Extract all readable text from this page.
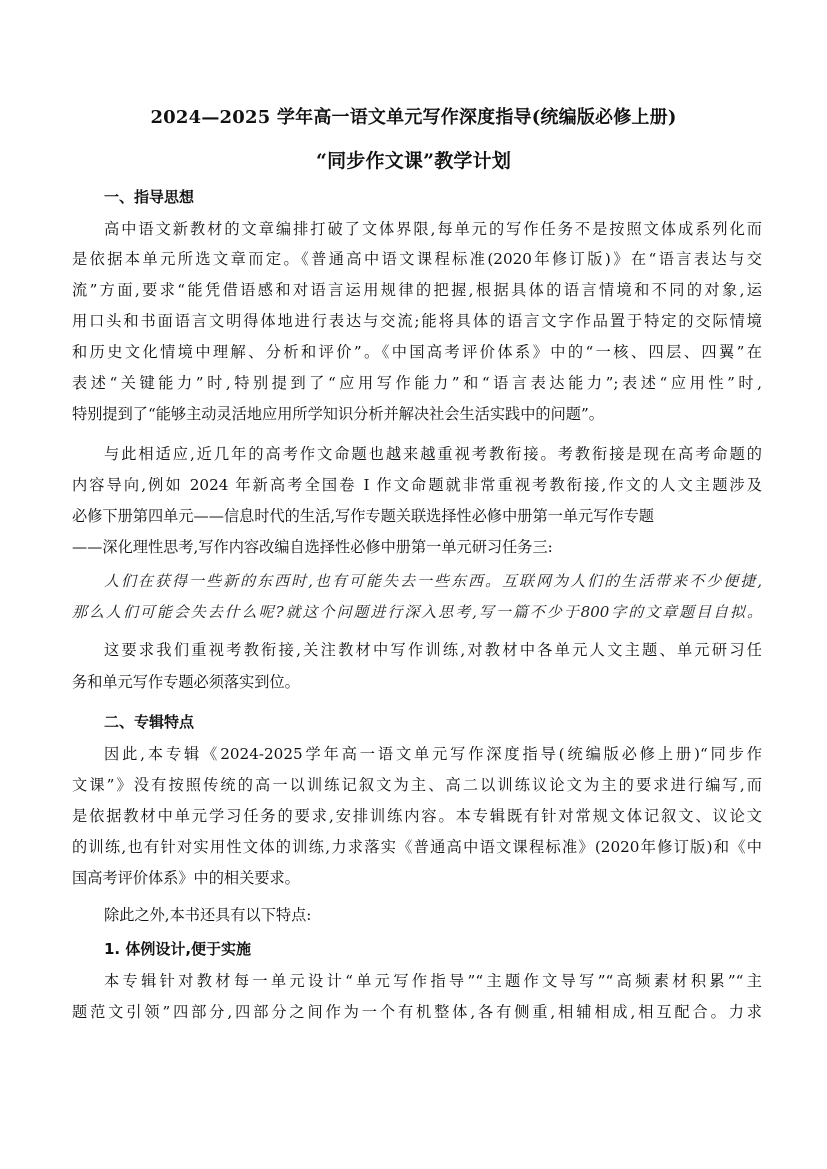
2024—2025 学年高一语文单元写作深度指导(统编版必修上册)
“同步作文课”教学计划
一、指导思想
高中语文新教材的文章编排打破了文体界限,每单元的写作任务不是按照文体成系列化而
是依据本单元所选文章而定。《普通高中语文课程标准(2020年修订版)》在“语言表达与交
流”方面,要求“能凭借语感和对语言运用规律的把握,根据具体的语言情境和不同的对象,运
用口头和书面语言文明得体地进行表达与交流;能将具体的语言文字作品置于特定的交际情境
和历史文化情境中理解、分析和评价”。《中国高考评价体系》中的“一核、四层、四翼”在
表述“关键能力”时,特别提到了“应用写作能力”和“语言表达能力”;表述“应用性”时,
特别提到了“能够主动灵活地应用所学知识分析并解决社会生活实践中的问题”。
与此相适应,近几年的高考作文命题也越来越重视考教衔接。考教衔接是现在高考命题的
内容导向,例如 2024 年新高考全国卷 I 作文命题就非常重视考教衔接,作文的人文主题涉及
必修下册第四单元——信息时代的生活,写作专题关联选择性必修中册第一单元写作专题
——深化理性思考,写作内容改编自选择性必修中册第一单元研习任务三:
人们在获得一些新的东西时,也有可能失去一些东西。互联网为人们的生活带来不少便捷,
那么人们可能会失去什么呢?就这个问题进行深入思考,写一篇不少于800字的文章题目自拟。
这要求我们重视考教衔接,关注教材中写作训练,对教材中各单元人文主题、单元研习任
务和单元写作专题必须落实到位。
二、专辑特点
因此,本专辑《2024-2025学年高一语文单元写作深度指导(统编版必修上册)“同步作
文课”》没有按照传统的高一以训练记叙文为主、高二以训练议论文为主的要求进行编写,而
是依据教材中单元学习任务的要求,安排训练内容。本专辑既有针对常规文体记叙文、议论文
的训练,也有针对实用性文体的训练,力求落实《普通高中语文课程标准》(2020年修订版)和《中
国高考评价体系》中的相关要求。
除此之外,本书还具有以下特点:
1. 体例设计,便于实施
本专辑针对教材每一单元设计“单元写作指导”“主题作文导写”“高频素材积累”“主
题范文引领”四部分,四部分之间作为一个有机整体,各有侧重,相辅相成,相互配合。力求
